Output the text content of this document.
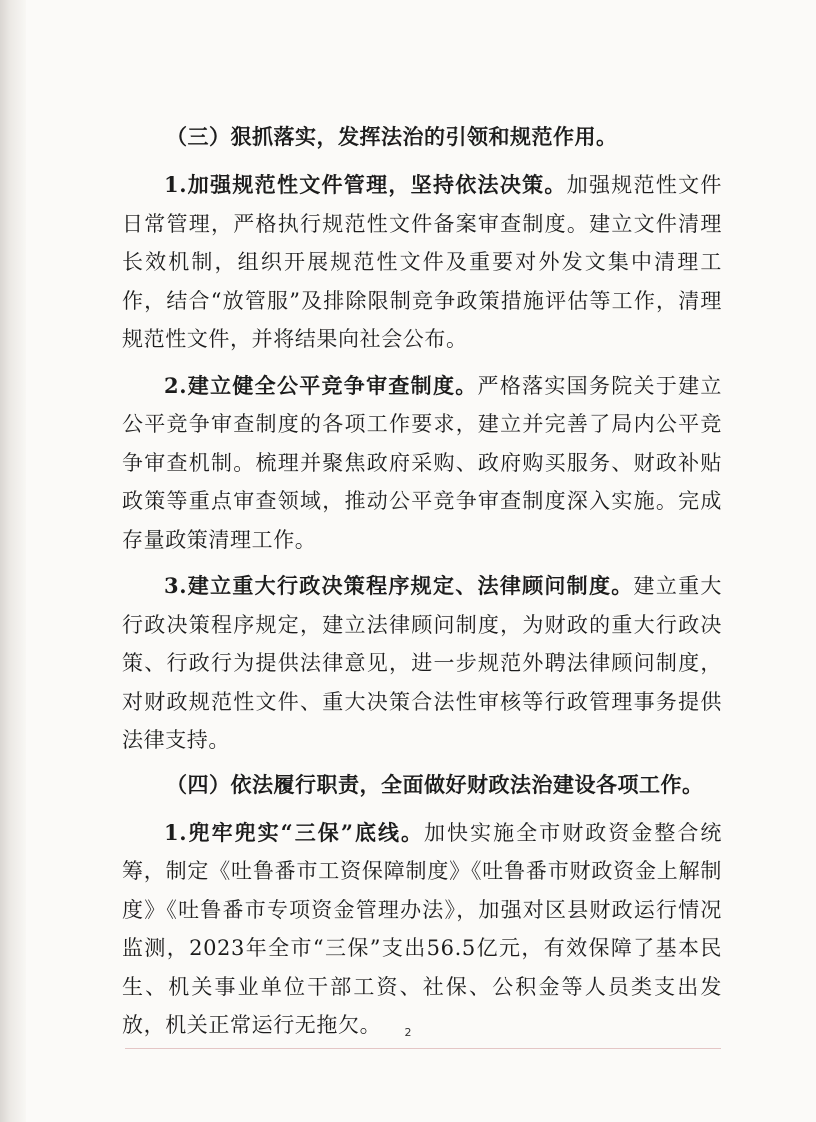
（三）狠抓落实，发挥法治的引领和规范作用。

1.加强规范性文件管理，坚持依法决策。加强规范性文件日常管理，严格执行规范性文件备案审查制度。建立文件清理长效机制，组织开展规范性文件及重要对外发文集中清理工作，结合“放管服”及排除限制竞争政策措施评估等工作，清理规范性文件，并将结果向社会公布。

2.建立健全公平竞争审查制度。严格落实国务院关于建立公平竞争审查制度的各项工作要求，建立并完善了局内公平竞争审查机制。梳理并聚焦政府采购、政府购买服务、财政补贴政策等重点审查领域，推动公平竞争审查制度深入实施。完成存量政策清理工作。

3.建立重大行政决策程序规定、法律顾问制度。建立重大行政决策程序规定，建立法律顾问制度，为财政的重大行政决策、行政行为提供法律意见，进一步规范外聘法律顾问制度，对财政规范性文件、重大决策合法性审核等行政管理事务提供法律支持。

（四）依法履行职责，全面做好财政法治建设各项工作。

1.兜牢兜实“三保”底线。加快实施全市财政资金整合统筹，制定《吐鲁番市工资保障制度》《吐鲁番市财政资金上解制度》《吐鲁番市专项资金管理办法》，加强对区县财政运行情况监测，2023年全市“三保”支出56.5亿元，有效保障了基本民生、机关事业单位干部工资、社保、公积金等人员类支出发放，机关正常运行无拖欠。	2
